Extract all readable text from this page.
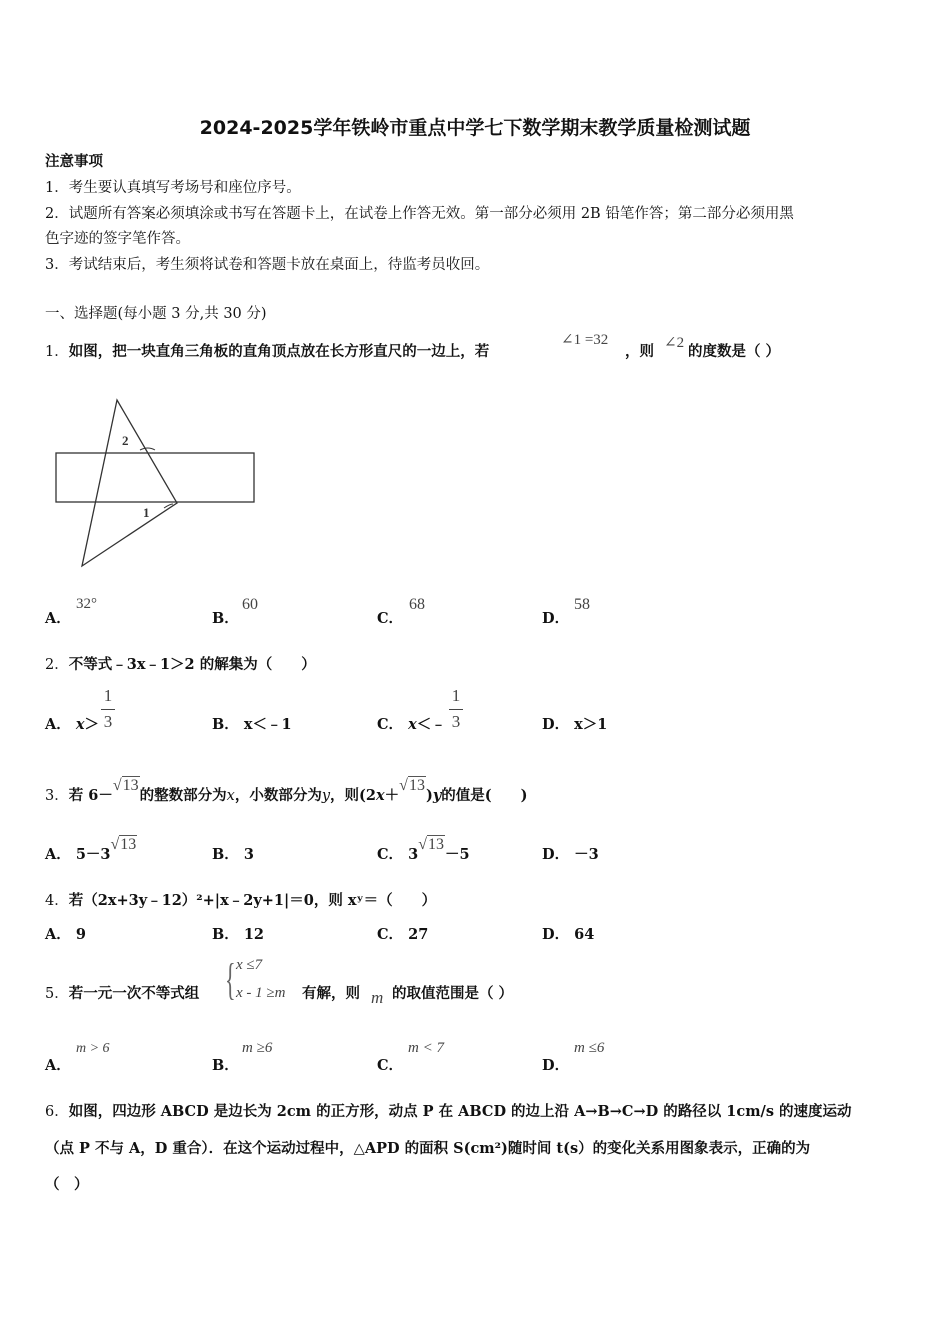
2024-2025学年铁岭市重点中学七下数学期末教学质量检测试题
注意事项
1．考生要认真填写考场号和座位序号。
2．试题所有答案必须填涂或书写在答题卡上，在试卷上作答无效。第一部分必须用 2B 铅笔作答；第二部分必须用黑
色字迹的签字笔作答。
3．考试结束后，考生须将试卷和答题卡放在桌面上，待监考员收回。
一、选择题(每小题 3 分,共 30 分)
1．如图，把一块直角三角板的直角顶点放在长方形直尺的一边上，若
∠1 =32
，则 ∠2 的度数是（ ）
2
1
A．
32°
B．
60
C．
68
D．
58
2．不等式﹣3x﹣1＞2 的解集为（　　）
A． x＞
1
3	B． x＜﹣1	C． x＜﹣
1
3	D． x＞1
3．若 6－√13的整数部分为x，小数部分为y，则(2x＋√13)y的值是(　　)
A． 5－3√13
B． 3	C． 3√13－5	D． －3
4．若（2x+3y﹣12）²+|x﹣2y+1|＝0，则 xʸ＝（　　）
A． 9	B． 12	C． 27	D． 64
5．若一元一次不等式组 { x ≤7
x - 1 ≥m 有解，则 m 的取值范围是（ ）
A．
m > 6
B．
m ≥6
C．
m < 7
D．
m ≤6
6．如图，四边形 ABCD 是边长为 2cm 的正方形，动点 P 在 ABCD 的边上沿 A→B→C→D 的路径以 1cm/s 的速度运动
（点 P 不与 A，D 重合）．在这个运动过程中，△APD 的面积 S(cm²)随时间 t(s）的变化关系用图象表示，正确的为
（　）
